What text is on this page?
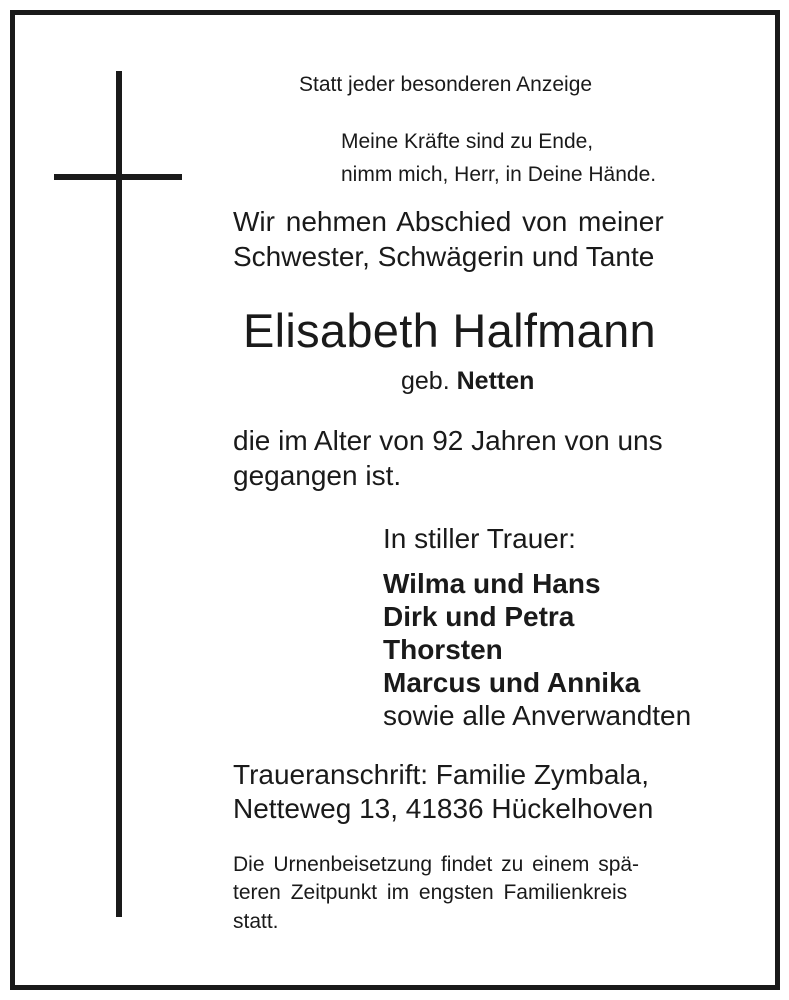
Statt jeder besonderen Anzeige

Meine Kräfte sind zu Ende,

nimm mich, Herr, in Deine Hände.

Wir nehmen Abschied von meiner

Schwester, Schwägerin und Tante

Elisabeth Halfmann

geb. Netten

die im Alter von 92 Jahren von uns

gegangen ist.

In stiller Trauer:

Wilma und Hans

Dirk und Petra

Thorsten

Marcus und Annika

sowie alle Anverwandten

Traueranschrift: Familie Zymbala,

Netteweg 13, 41836 Hückelhoven

Die Urnenbeisetzung findet zu einem spä-

teren Zeitpunkt im engsten Familienkreis

statt.
